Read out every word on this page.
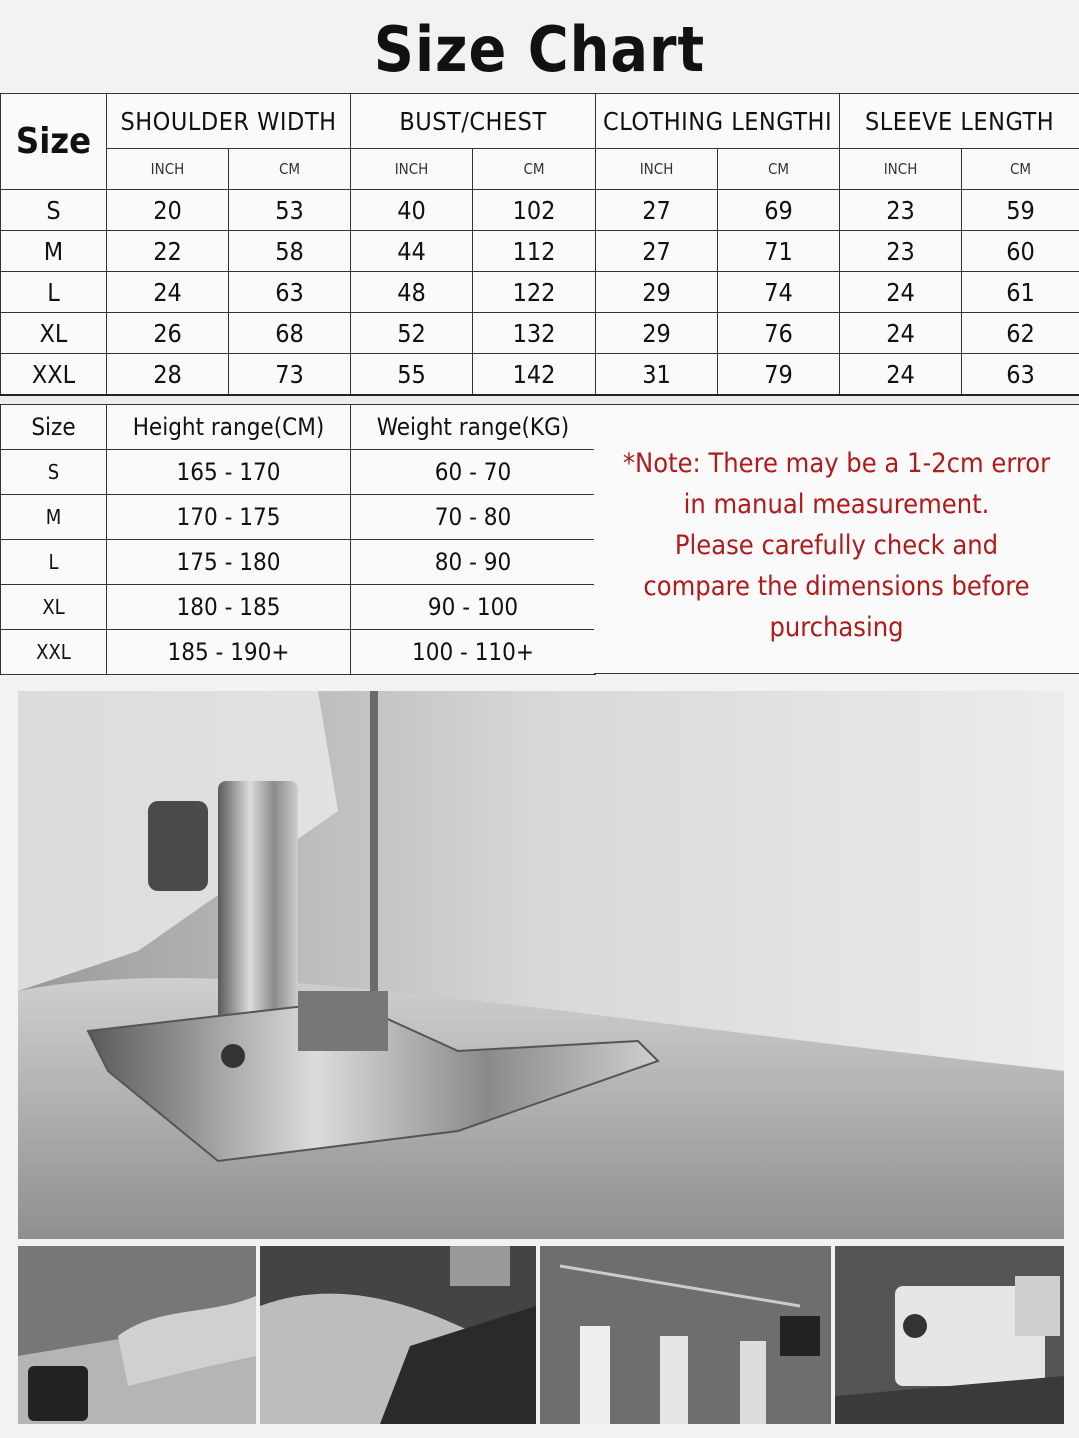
Size Chart
Size	SHOULDER WIDTH		BUST/CHEST		CLOTHING LENGTHI		SLEEVE LENGTH	
	INCH	CM	INCH	CM	INCH	CM	INCH	CM
S	20	53	40	102	27	69	23	59
M	22	58	44	112	27	71	23	60
L	24	63	48	122	29	74	24	61
XL	26	68	52	132	29	76	24	62
XXL	28	73	55	142	31	79	24	63
Size	Height range(CM)	Weight range(KG)
S	165 - 170	60 - 70
M	170 - 175	70 - 80
L	175 - 180	80 - 90
XL	180 - 185	90 - 100
XXL	185 - 190+	100 - 110+
*Note: There may be a 1-2cm error
in manual measurement.
Please carefully check and
compare the dimensions before
purchasing
